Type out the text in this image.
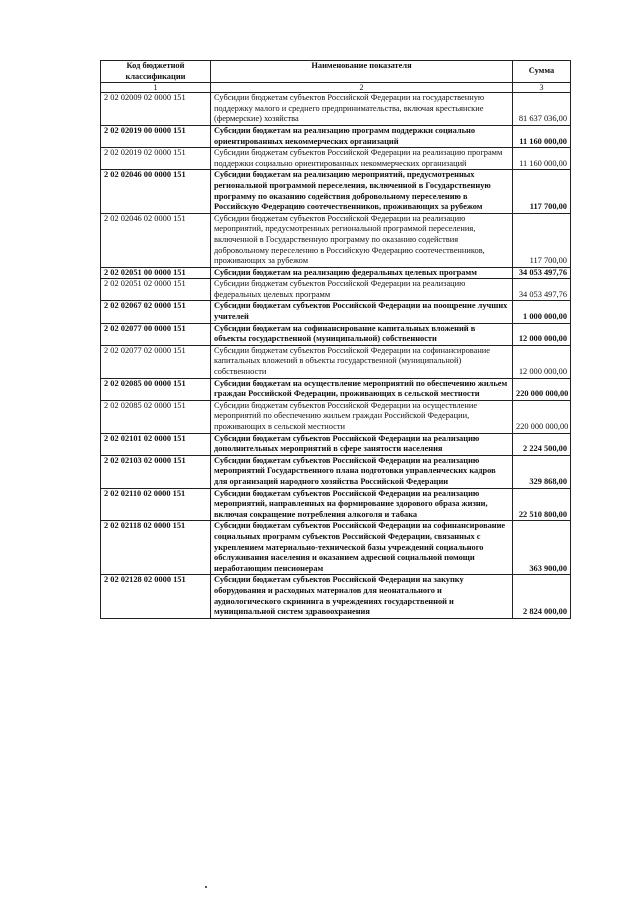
Код бюджетной классификации	Наименование показателя	Сумма
1	2	3
2 02 02009 02 0000 151	Субсидии бюджетам субъектов Российской Федерации на государственную поддержку малого и среднего предпринимательства, включая крестьянские (фермерские) хозяйства	81 637 036,00
2 02 02019 00 0000 151	Субсидии бюджетам на реализацию программ поддержки социально ориентированных некоммерческих организаций	11 160 000,00
2 02 02019 02 0000 151	Субсидии бюджетам субъектов Российской Федерации на реализацию программ поддержки социально ориентированных некоммерческих организаций	11 160 000,00
2 02 02046 00 0000 151	Субсидии бюджетам на реализацию мероприятий, предусмотренных региональной программой переселения, включенной в Государственную программу по оказанию содействия добровольному переселению в Российскую Федерацию соотечественников, проживающих за рубежом	117 700,00
2 02 02046 02 0000 151	Субсидии бюджетам субъектов Российской Федерации на реализацию мероприятий, предусмотренных региональной программой переселения, включенной в Государственную программу по оказанию содействия добровольному переселению в Российскую Федерацию соотечественников, проживающих за рубежом	117 700,00
2 02 02051 00 0000 151	Субсидии бюджетам на реализацию федеральных целевых программ	34 053 497,76
2 02 02051 02 0000 151	Субсидии бюджетам субъектов Российской Федерации на реализацию федеральных целевых программ	34 053 497,76
2 02 02067 02 0000 151	Субсидии бюджетам субъектов Российской Федерации на поощрение лучших учителей	1 000 000,00
2 02 02077 00 0000 151	Субсидии бюджетам на софинансирование капитальных вложений в объекты государственной (муниципальной) собственности	12 000 000,00
2 02 02077 02 0000 151	Субсидии бюджетам субъектов Российской Федерации на софинансирование капитальных вложений в объекты государственной (муниципальной) собственности	12 000 000,00
2 02 02085 00 0000 151	Субсидии бюджетам на осуществление мероприятий по обеспечению жильем граждан Российской Федерации, проживающих в сельской местности	220 000 000,00
2 02 02085 02 0000 151	Субсидии бюджетам субъектов Российской Федерации на осуществление мероприятий по обеспечению жильем граждан Российской Федерации, проживающих в сельской местности	220 000 000,00
2 02 02101 02 0000 151	Субсидии бюджетам субъектов Российской Федерации на реализацию дополнительных мероприятий в сфере занятости населения	2 224 500,00
2 02 02103 02 0000 151	Субсидии бюджетам субъектов Российской Федерации на реализацию мероприятий Государственного плана подготовки управленческих кадров для организаций народного хозяйства Российской Федерации	329 868,00
2 02 02110 02 0000 151	Субсидии бюджетам субъектов Российской Федерации на реализацию мероприятий, направленных на формирование здорового образа жизни, включая сокращение потребления алкоголя и табака	22 510 800,00
2 02 02118 02 0000 151	Субсидии бюджетам субъектов Российской Федерации на софинансирование социальных программ субъектов Российской Федерации, связанных с укреплением материально-технической базы учреждений социального обслуживания населения и оказанием адресной социальной помощи неработающим пенсионерам	363 900,00
2 02 02128 02 0000 151	Субсидии бюджетам субъектов Российской Федерации на закупку оборудования и расходных материалов для неонатального и аудиологического скрининга в учреждениях государственной и муниципальной систем здравоохранения	2 824 000,00
